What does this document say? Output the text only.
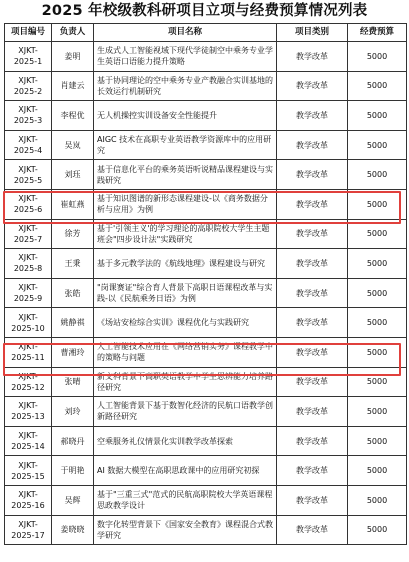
2025 年校级教科研项目立项与经费预算情况列表
项目编号	负责人	项目名称	项目类别	经费预算
XJKT-2025-1	姜明	生成式人工智能视域下现代学徒制空中乘务专业学生英语口语能力提升策略	教学改革	5000
XJKT-2025-2	肖建云	基于协同理论的空中乘务专业产教融合实训基地的长效运行机制研究	教学改革	5000
XJKT-2025-3	李程优	无人机操控实训设备安全性能提升	教学改革	5000
XJKT-2025-4	吴岚	AIGC 技术在高职专业英语教学资源库中的应用研究	教学改革	5000
XJKT-2025-5	刘珏	基于信息化平台的乘务英语听说精品课程建设与实践研究	教学改革	5000
XJKT-2025-6	崔虹燕	基于知识图谱的新形态课程建设-以《商务数据分析与应用》为例	教学改革	5000
XJKT-2025-7	徐芳	基于'引领主义'的学习理论的高职院校大学生主题班会"四步设计法"实践研究	教学改革	5000
XJKT-2025-8	王秉	基于多元教学法的《航线地理》课程建设与研究	教学改革	5000
XJKT-2025-9	张皓	"岗课赛证"综合育人背景下高职日语课程改革与实践-以《民航乘务日语》为例	教学改革	5000
XJKT-2025-10	姚静祺	《场站安检综合实训》课程优化与实践研究	教学改革	5000
XJKT-2025-11	曹湘玲	人工智能技术应用在《网络营销实务》课程教学中的策略与问题	教学改革	5000
XJKT-2025-12	张晴	新文科背景下高职英语教学中学生思辨能力培养路径研究	教学改革	5000
XJKT-2025-13	刘玲	人工智能背景下基于数智化经济的民航口语教学创新路径研究	教学改革	5000
XJKT-2025-14	郝晓丹	空乘服务礼仪情景化实训教学改革探索	教学改革	5000
XJKT-2025-15	于明艳	AI 数据大模型在高职思政课中的应用研究初探	教学改革	5000
XJKT-2025-16	吴辉	基于"三重三式"范式的民航高职院校大学英语课程思政教学设计	教学改革	5000
XJKT-2025-17	姜晓晓	数字化转型背景下《国家安全教育》课程混合式教学研究	教学改革	5000
